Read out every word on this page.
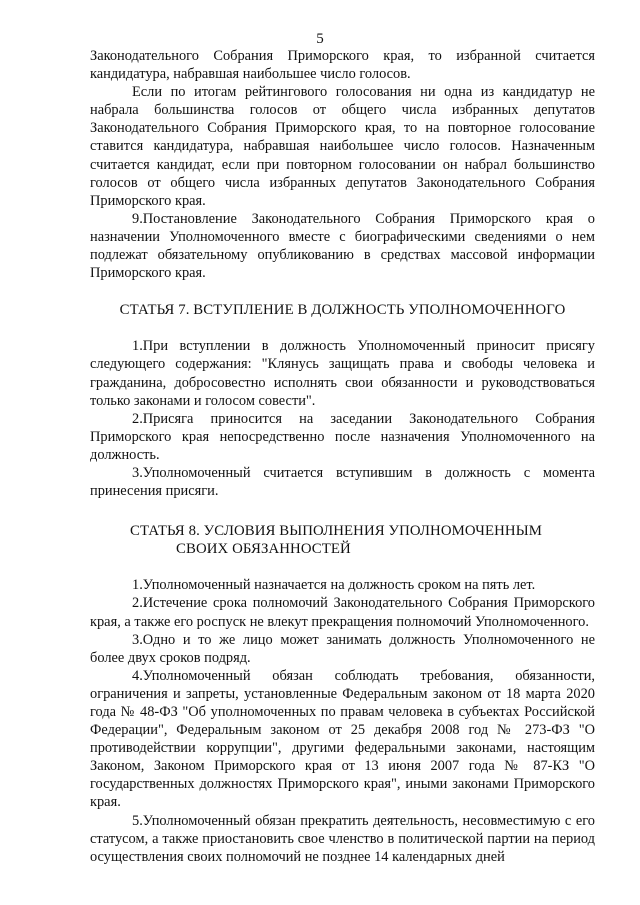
5

Законодательного Собрания Приморского края, то избранной считается кандидатура, набравшая наибольшее число голосов.

Если по итогам рейтингового голосования ни одна из кандидатур не набрала большинства голосов от общего числа избранных депутатов Законодательного Собрания Приморского края, то на повторное голосование ставится кандидатура, набравшая наибольшее число голосов. Назначенным считается кандидат, если при повторном голосовании он набрал большинство голосов от общего числа избранных депутатов Законодательного Собрания Приморского края.

9.Постановление Законодательного Собрания Приморского края о назначении Уполномоченного вместе с биографическими сведениями о нем подлежат обязательному опубликованию в средствах массовой информации Приморского края.

СТАТЬЯ 7. ВСТУПЛЕНИЕ В ДОЛЖНОСТЬ УПОЛНОМОЧЕННОГО

1.При вступлении в должность Уполномоченный приносит присягу следующего содержания: "Клянусь защищать права и свободы человека и гражданина, добросовестно исполнять свои обязанности и руководствоваться только законами и голосом совести".

2.Присяга приносится на заседании Законодательного Собрания Приморского края непосредственно после назначения Уполномоченного на должность.

3.Уполномоченный считается вступившим в должность с момента принесения присяги.

СТАТЬЯ 8. УСЛОВИЯ ВЫПОЛНЕНИЯ УПОЛНОМОЧЕННЫМ
СВОИХ ОБЯЗАННОСТЕЙ

1.Уполномоченный назначается на должность сроком на пять лет.

2.Истечение срока полномочий Законодательного Собрания Приморского края, а также его роспуск не влекут прекращения полномочий Уполномоченного.

3.Одно и то же лицо может занимать должность Уполномоченного не более двух сроков подряд.

4.Уполномоченный обязан соблюдать требования, обязанности, ограничения и запреты, установленные Федеральным законом от 18 марта 2020 года № 48-ФЗ "Об уполномоченных по правам человека в субъектах Российской Федерации", Федеральным законом от 25 декабря 2008 год № 273-ФЗ "О противодействии коррупции", другими федеральными законами, настоящим Законом, Законом Приморского края от 13 июня 2007 года № 87-КЗ "О государственных должностях Приморского края", иными законами Приморского края.

5.Уполномоченный обязан прекратить деятельность, несовместимую с его статусом, а также приостановить свое членство в политической партии на период осуществления своих полномочий не позднее 14 календарных дней
